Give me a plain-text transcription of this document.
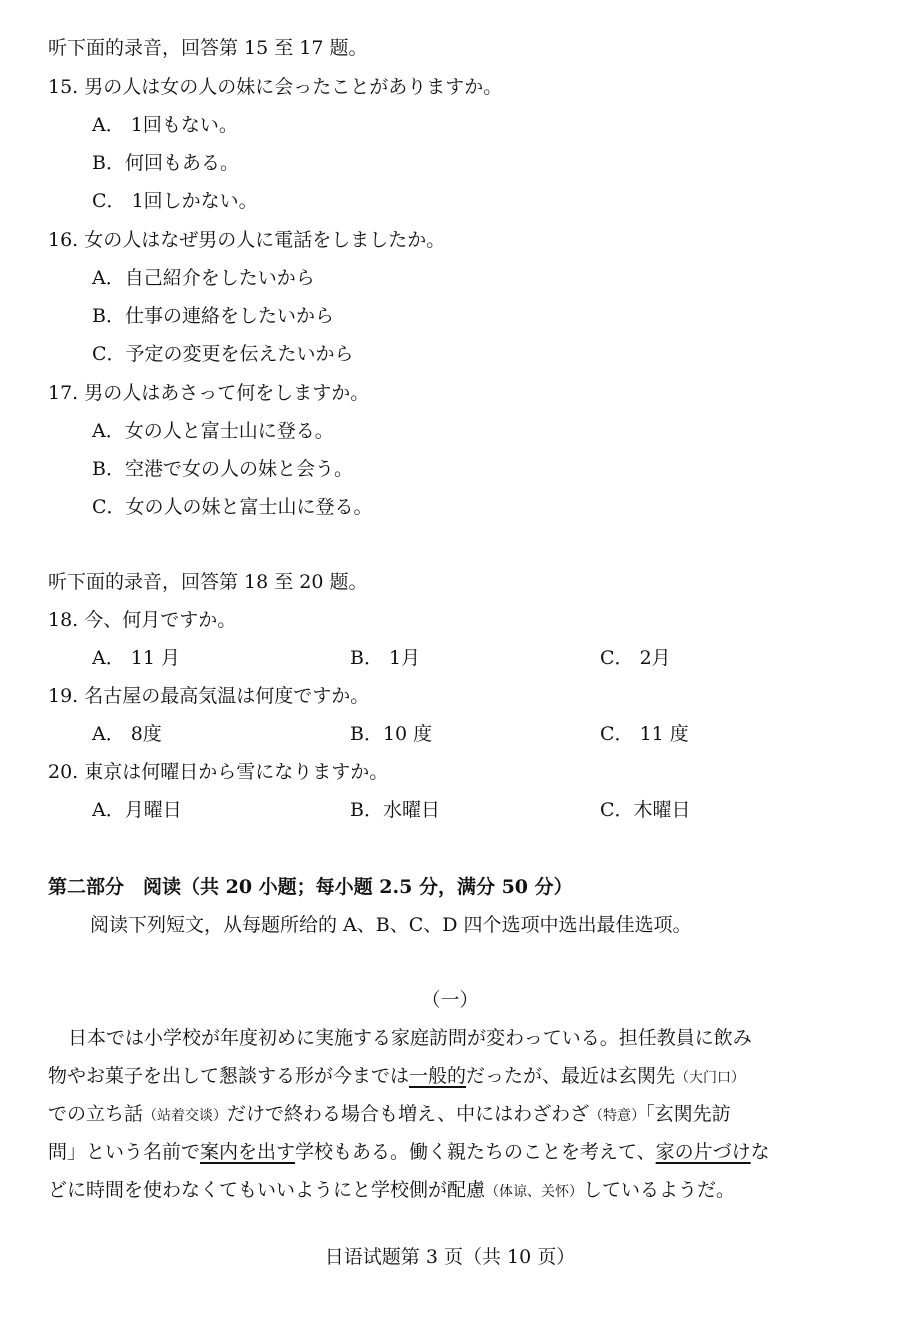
听下面的录音，回答第 15 至 17 题。
15. 男の人は女の人の妹に会ったことがありますか。
A． 1回もない。
B．何回もある。
C． 1回しかない。
16. 女の人はなぜ男の人に電話をしましたか。
A．自己紹介をしたいから
B．仕事の連絡をしたいから
C．予定の変更を伝えたいから
17. 男の人はあさって何をしますか。
A．女の人と富士山に登る。
B．空港で女の人の妹と会う。
C．女の人の妹と富士山に登る。
听下面的录音，回答第 18 至 20 题。
18. 今、何月ですか。
A． 11 月	B． 1月	C． 2月
19. 名古屋の最高気温は何度ですか。
A． 8度	B．10 度	C． 11 度
20. 東京は何曜日から雪になりますか。
A．月曜日	B．水曜日	C．木曜日
第二部分　阅读（共 20 小题；每小题 2.5 分，满分 50 分）
阅读下列短文，从每题所给的 A、B、C、D 四个选项中选出最佳选项。
（一）
日本では小学校が年度初めに実施する家庭訪問が変わっている。担任教員に飲み
物やお菓子を出して懇談する形が今までは一般的だったが、最近は玄関先（大门口）
での立ち話（站着交谈）だけで終わる場合も増え、中にはわざわざ（特意）「玄関先訪
問」という名前で案内を出す学校もある。働く親たちのことを考えて、家の片づけな
どに時間を使わなくてもいいようにと学校側が配慮（体谅、关怀）しているようだ。
日语试题第 3 页（共 10 页）
